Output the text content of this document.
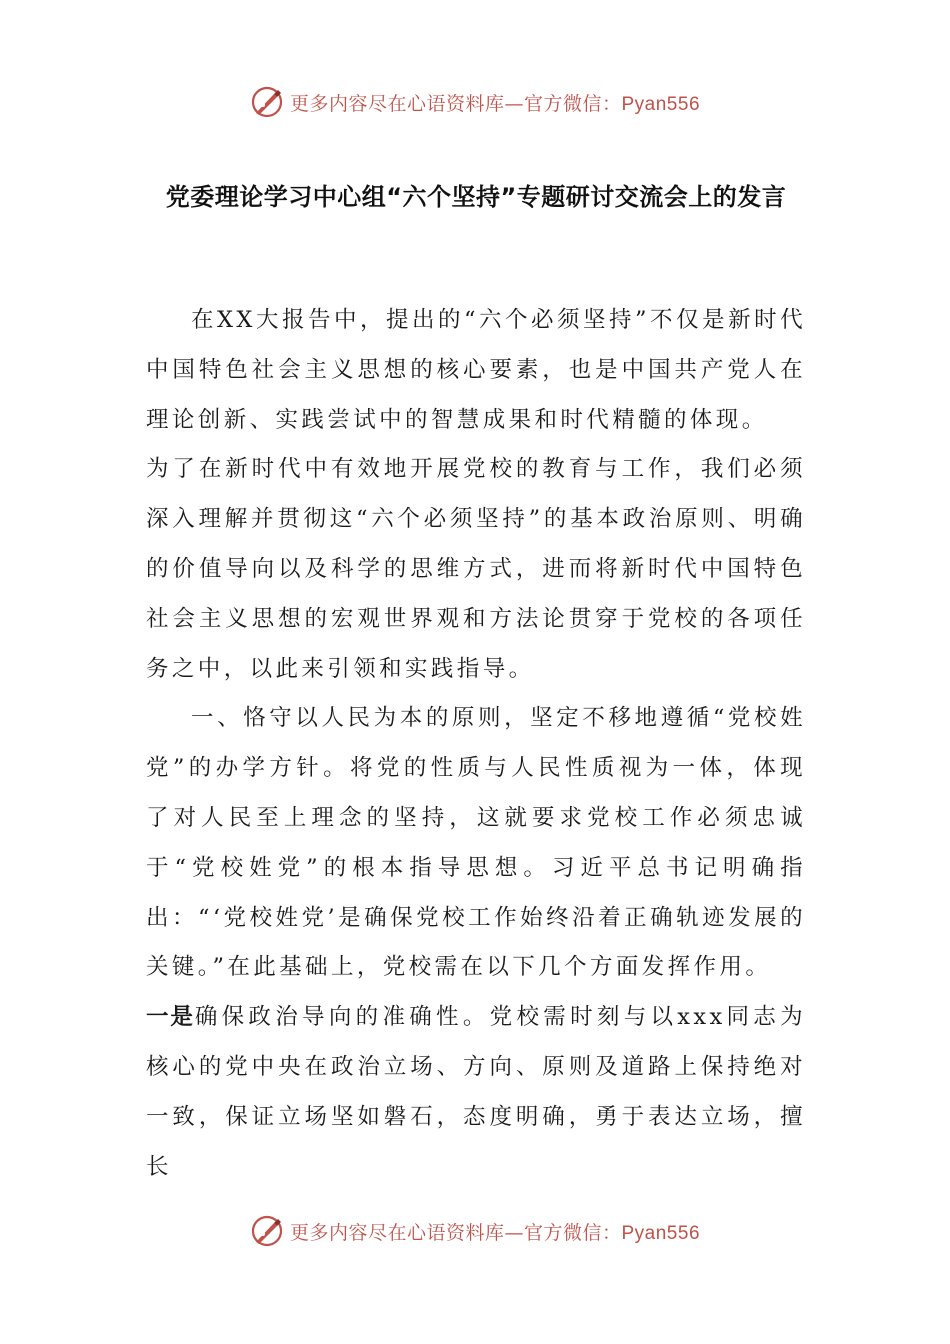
更多内容尽在心语资料库—官方微信：Pyan556
党委理论学习中心组“六个坚持”专题研讨交流会上的发言

在XX大报告中，提出的“六个必须坚持”不仅是新时代中国特色社会主义思想的核心要素，也是中国共产党人在理论创新、实践尝试中的智慧成果和时代精髓的体现。

为了在新时代中有效地开展党校的教育与工作，我们必须深入理解并贯彻这“六个必须坚持”的基本政治原则、明确的价值导向以及科学的思维方式，进而将新时代中国特色社会主义思想的宏观世界观和方法论贯穿于党校的各项任务之中，以此来引领和实践指导。

一、恪守以人民为本的原则，坚定不移地遵循“党校姓党”的办学方针。将党的性质与人民性质视为一体，体现了对人民至上理念的坚持，这就要求党校工作必须忠诚于“党校姓党”的根本指导思想。习近平总书记明确指出：“‘党校姓党’是确保党校工作始终沿着正确轨迹发展的关键。”在此基础上，党校需在以下几个方面发挥作用。

一是确保政治导向的准确性。党校需时刻与以xxx同志为核心的党中央在政治立场、方向、原则及道路上保持绝对一致，保证立场坚如磐石，态度明确，勇于表达立场，擅长

更多内容尽在心语资料库—官方微信：Pyan556
